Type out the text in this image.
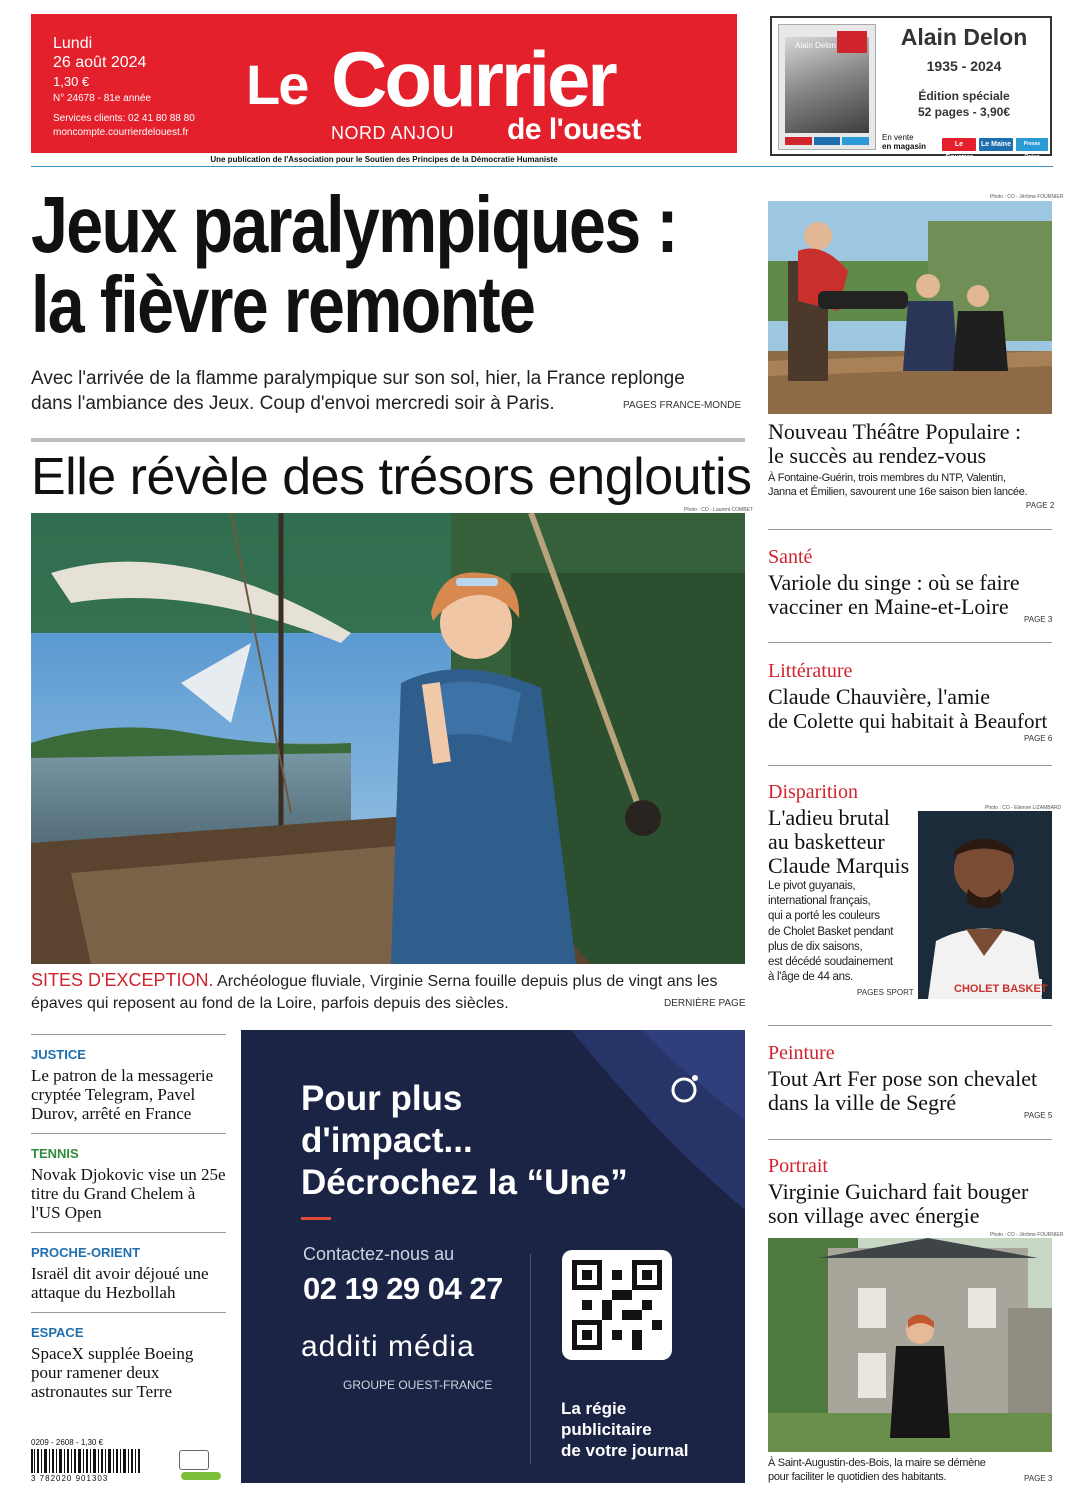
Lundi
26 août 2024
1,30 €
N° 24678 - 81e année
Services clients: 02 41 80 88 80
moncompte.courrierdelouest.fr
Le Courrier
NORD ANJOU de l'ouest
Une publication de l'Association pour le Soutien des Principes de la Démocratie Humaniste
Alain Delon	Alain Delon
1935 - 2024
Édition spéciale
52 pages - 3,90€
En vente
en magasin	Le Courrier
Le Maine	Presse Océan
Jeux paralympiques :
la fièvre remonte
Avec l'arrivée de la flamme paralympique sur son sol, hier, la France replonge dans l'ambiance des Jeux. Coup d'envoi mercredi soir à Paris.	PAGES FRANCE-MONDE
Elle révèle des trésors engloutis
Photo : CO - Laurent COMBET
SITES D'EXCEPTION. Archéologue fluviale, Virginie Serna fouille depuis plus de vingt ans les épaves qui reposent au fond de la Loire, parfois depuis des siècles.	DERNIÈRE PAGE
JUSTICE
Le patron de la messagerie cryptée Telegram, Pavel Durov, arrêté en France
TENNIS
Novak Djokovic vise un 25e titre du Grand Chelem à l'US Open
PROCHE-ORIENT
Israël dit avoir déjoué une attaque du Hezbollah
ESPACE
SpaceX supplée Boeing pour ramener deux astronautes sur Terre
0209 - 2608 - 1,30 €
3 782020 901303
Pour plus
d'impact...
Décrochez la “Une”
Contactez-nous au
02 19 29 04 27
additi média
GROUPE OUEST-FRANCE
La régie
publicitaire
de votre journal
Photo : CO - Jérôme FOURNIER
Nouveau Théâtre Populaire :
le succès au rendez-vous
À Fontaine-Guérin, trois membres du NTP, Valentin,
Janna et Émilien, savourent une 16e saison bien lancée.
PAGE 2
Santé
Variole du singe : où se faire
vacciner en Maine-et-Loire
PAGE 3
Littérature
Claude Chauvière, l'amie
de Colette qui habitait à Beaufort
PAGE 6
Disparition
L'adieu brutal
au basketteur
Claude Marquis
Le pivot guyanais,
international français,
qui a porté les couleurs
de Cholet Basket pendant
plus de dix saisons,
est décédé soudainement
à l'âge de 44 ans.
PAGES SPORT
Photo : CO - Etienne LIZAMBARD
CHOLET BASKET
Peinture
Tout Art Fer pose son chevalet
dans la ville de Segré
PAGE 5
Portrait
Virginie Guichard fait bouger
son village avec énergie
Photo : CO - Jérôme FOURNIER
À Saint-Augustin-des-Bois, la maire se démène
pour faciliter le quotidien des habitants.	PAGE 3
